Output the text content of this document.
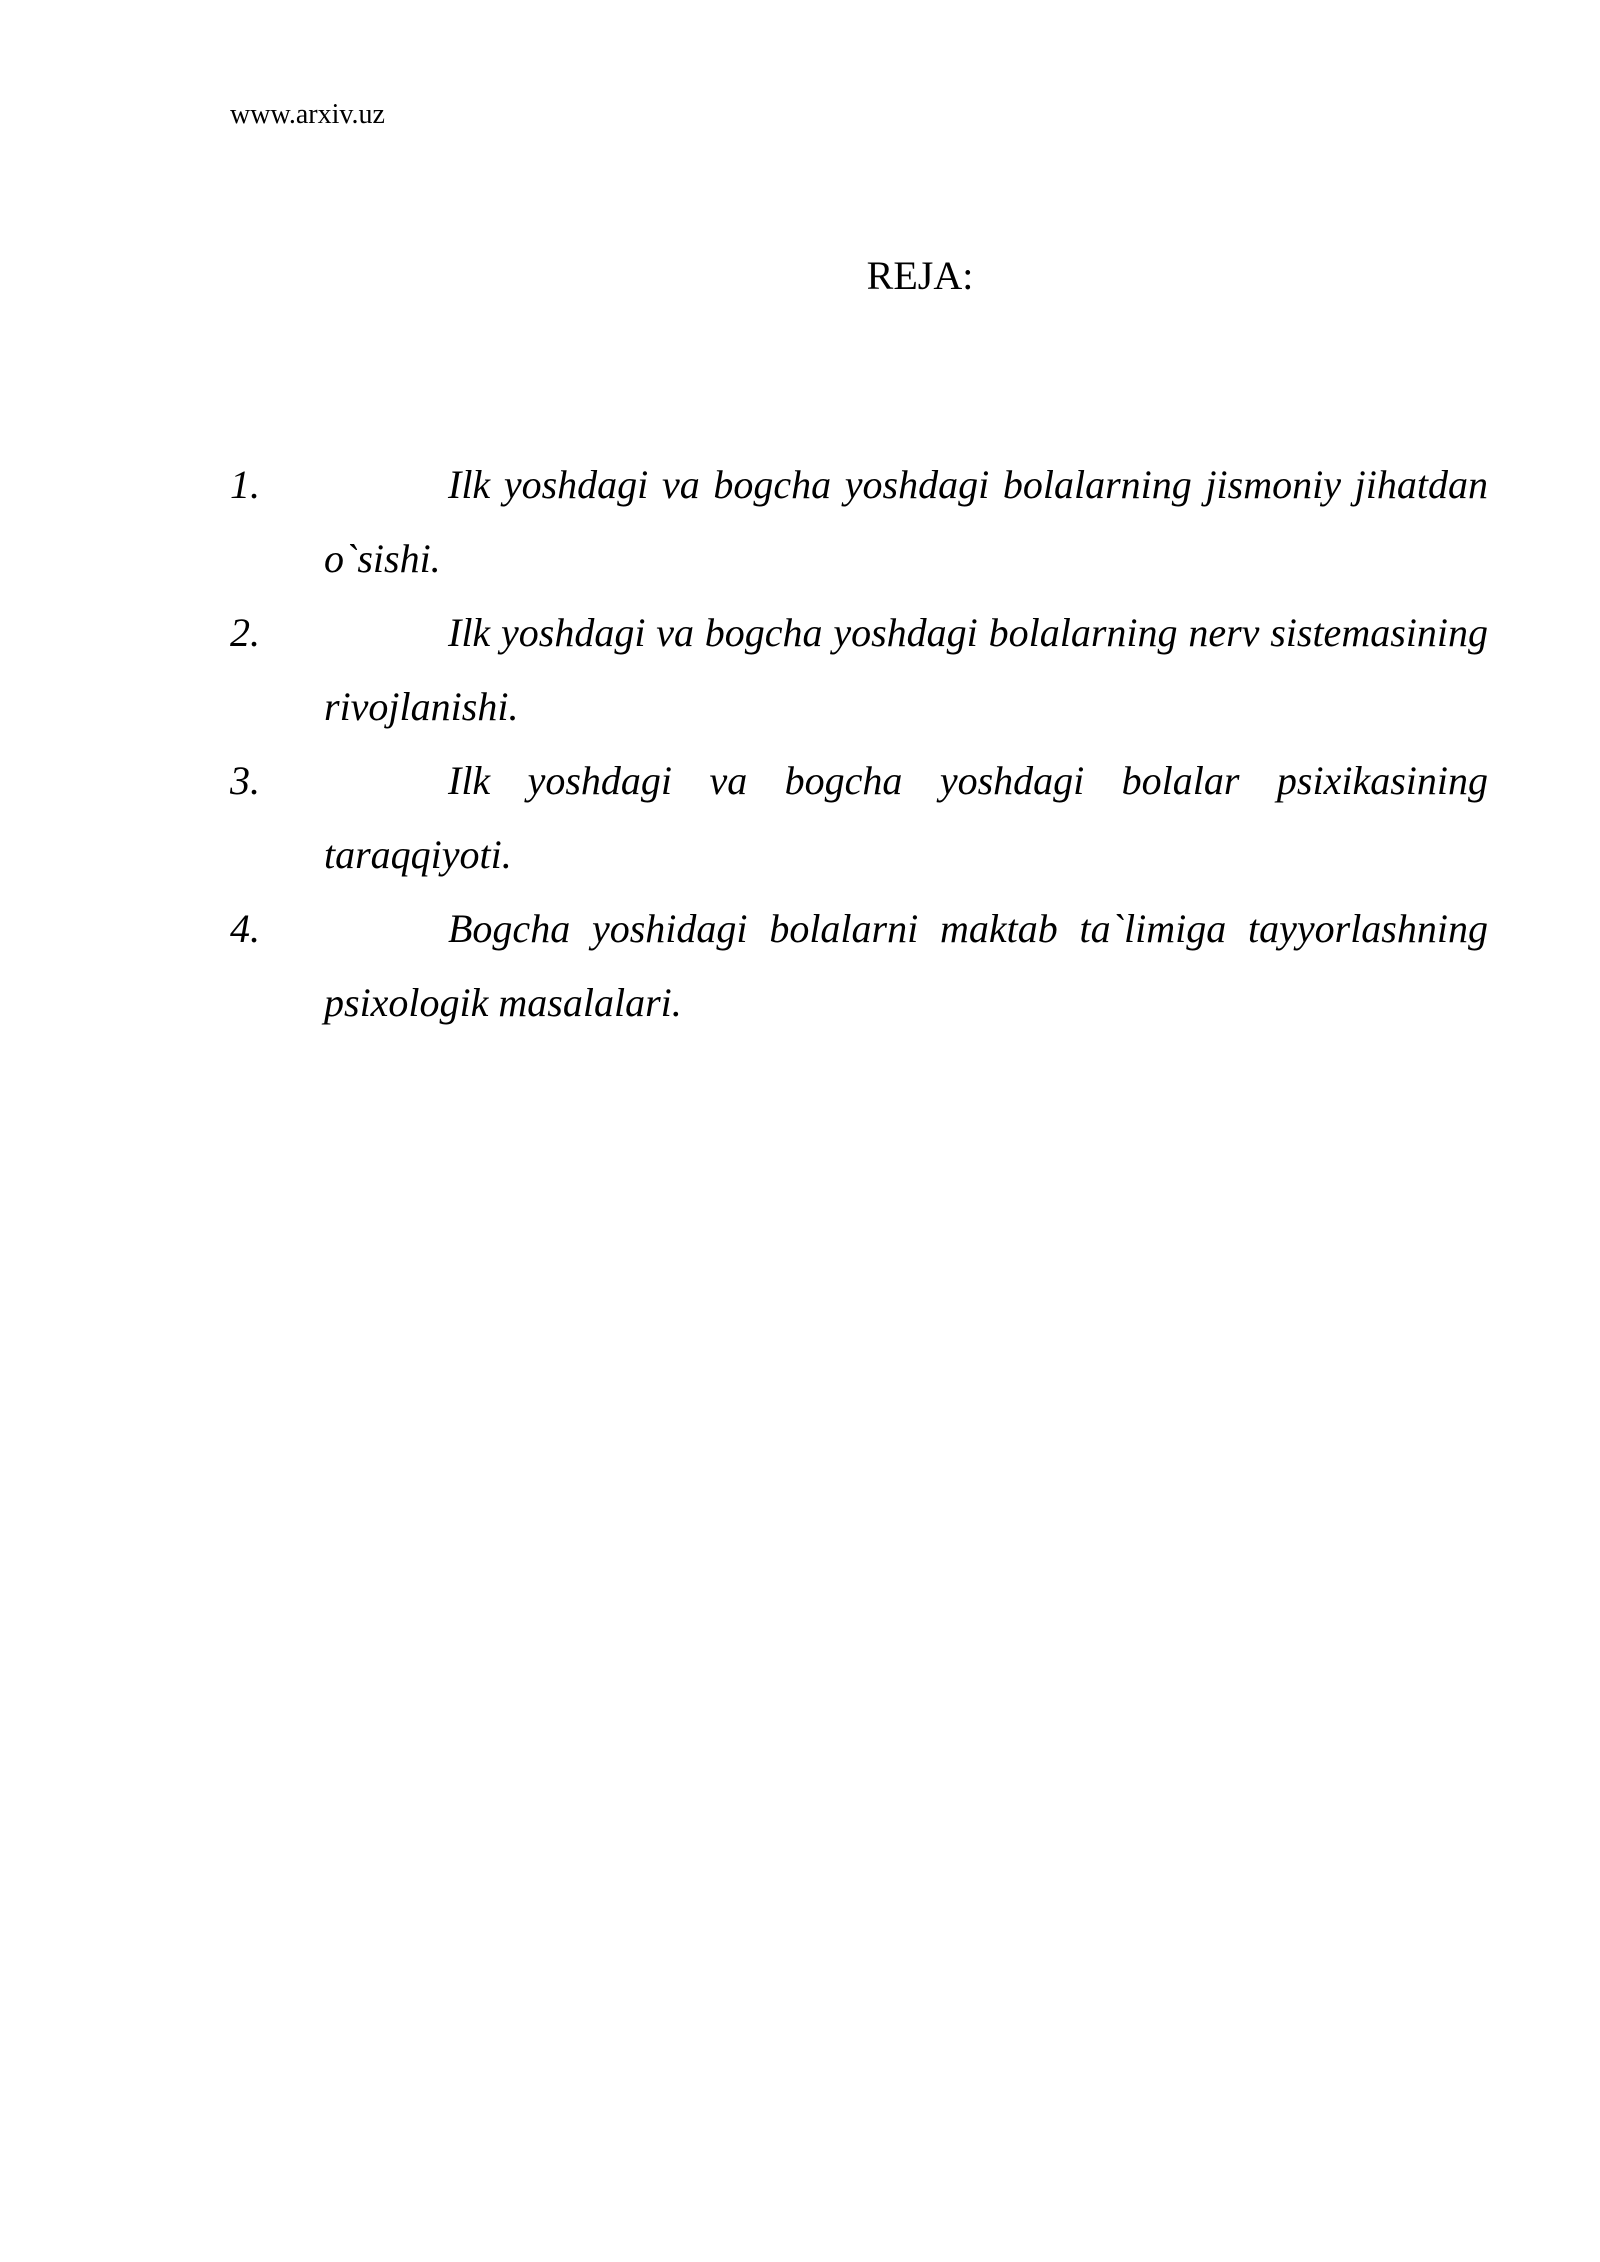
www.arxiv.uz
REJA:
1.	Ilk yoshdagi va bogcha yoshdagi bolalarning jismoniy jihatdan o`sishi.
2.	Ilk yoshdagi va bogcha yoshdagi bolalarning nerv sistemasining rivojlanishi.
3.	Ilk yoshdagi va bogcha yoshdagi bolalar psixikasining taraqqiyoti.
4.	Bogcha yoshidagi bolalarni maktab ta`limiga tayyorlashning psixologik masalalari.
